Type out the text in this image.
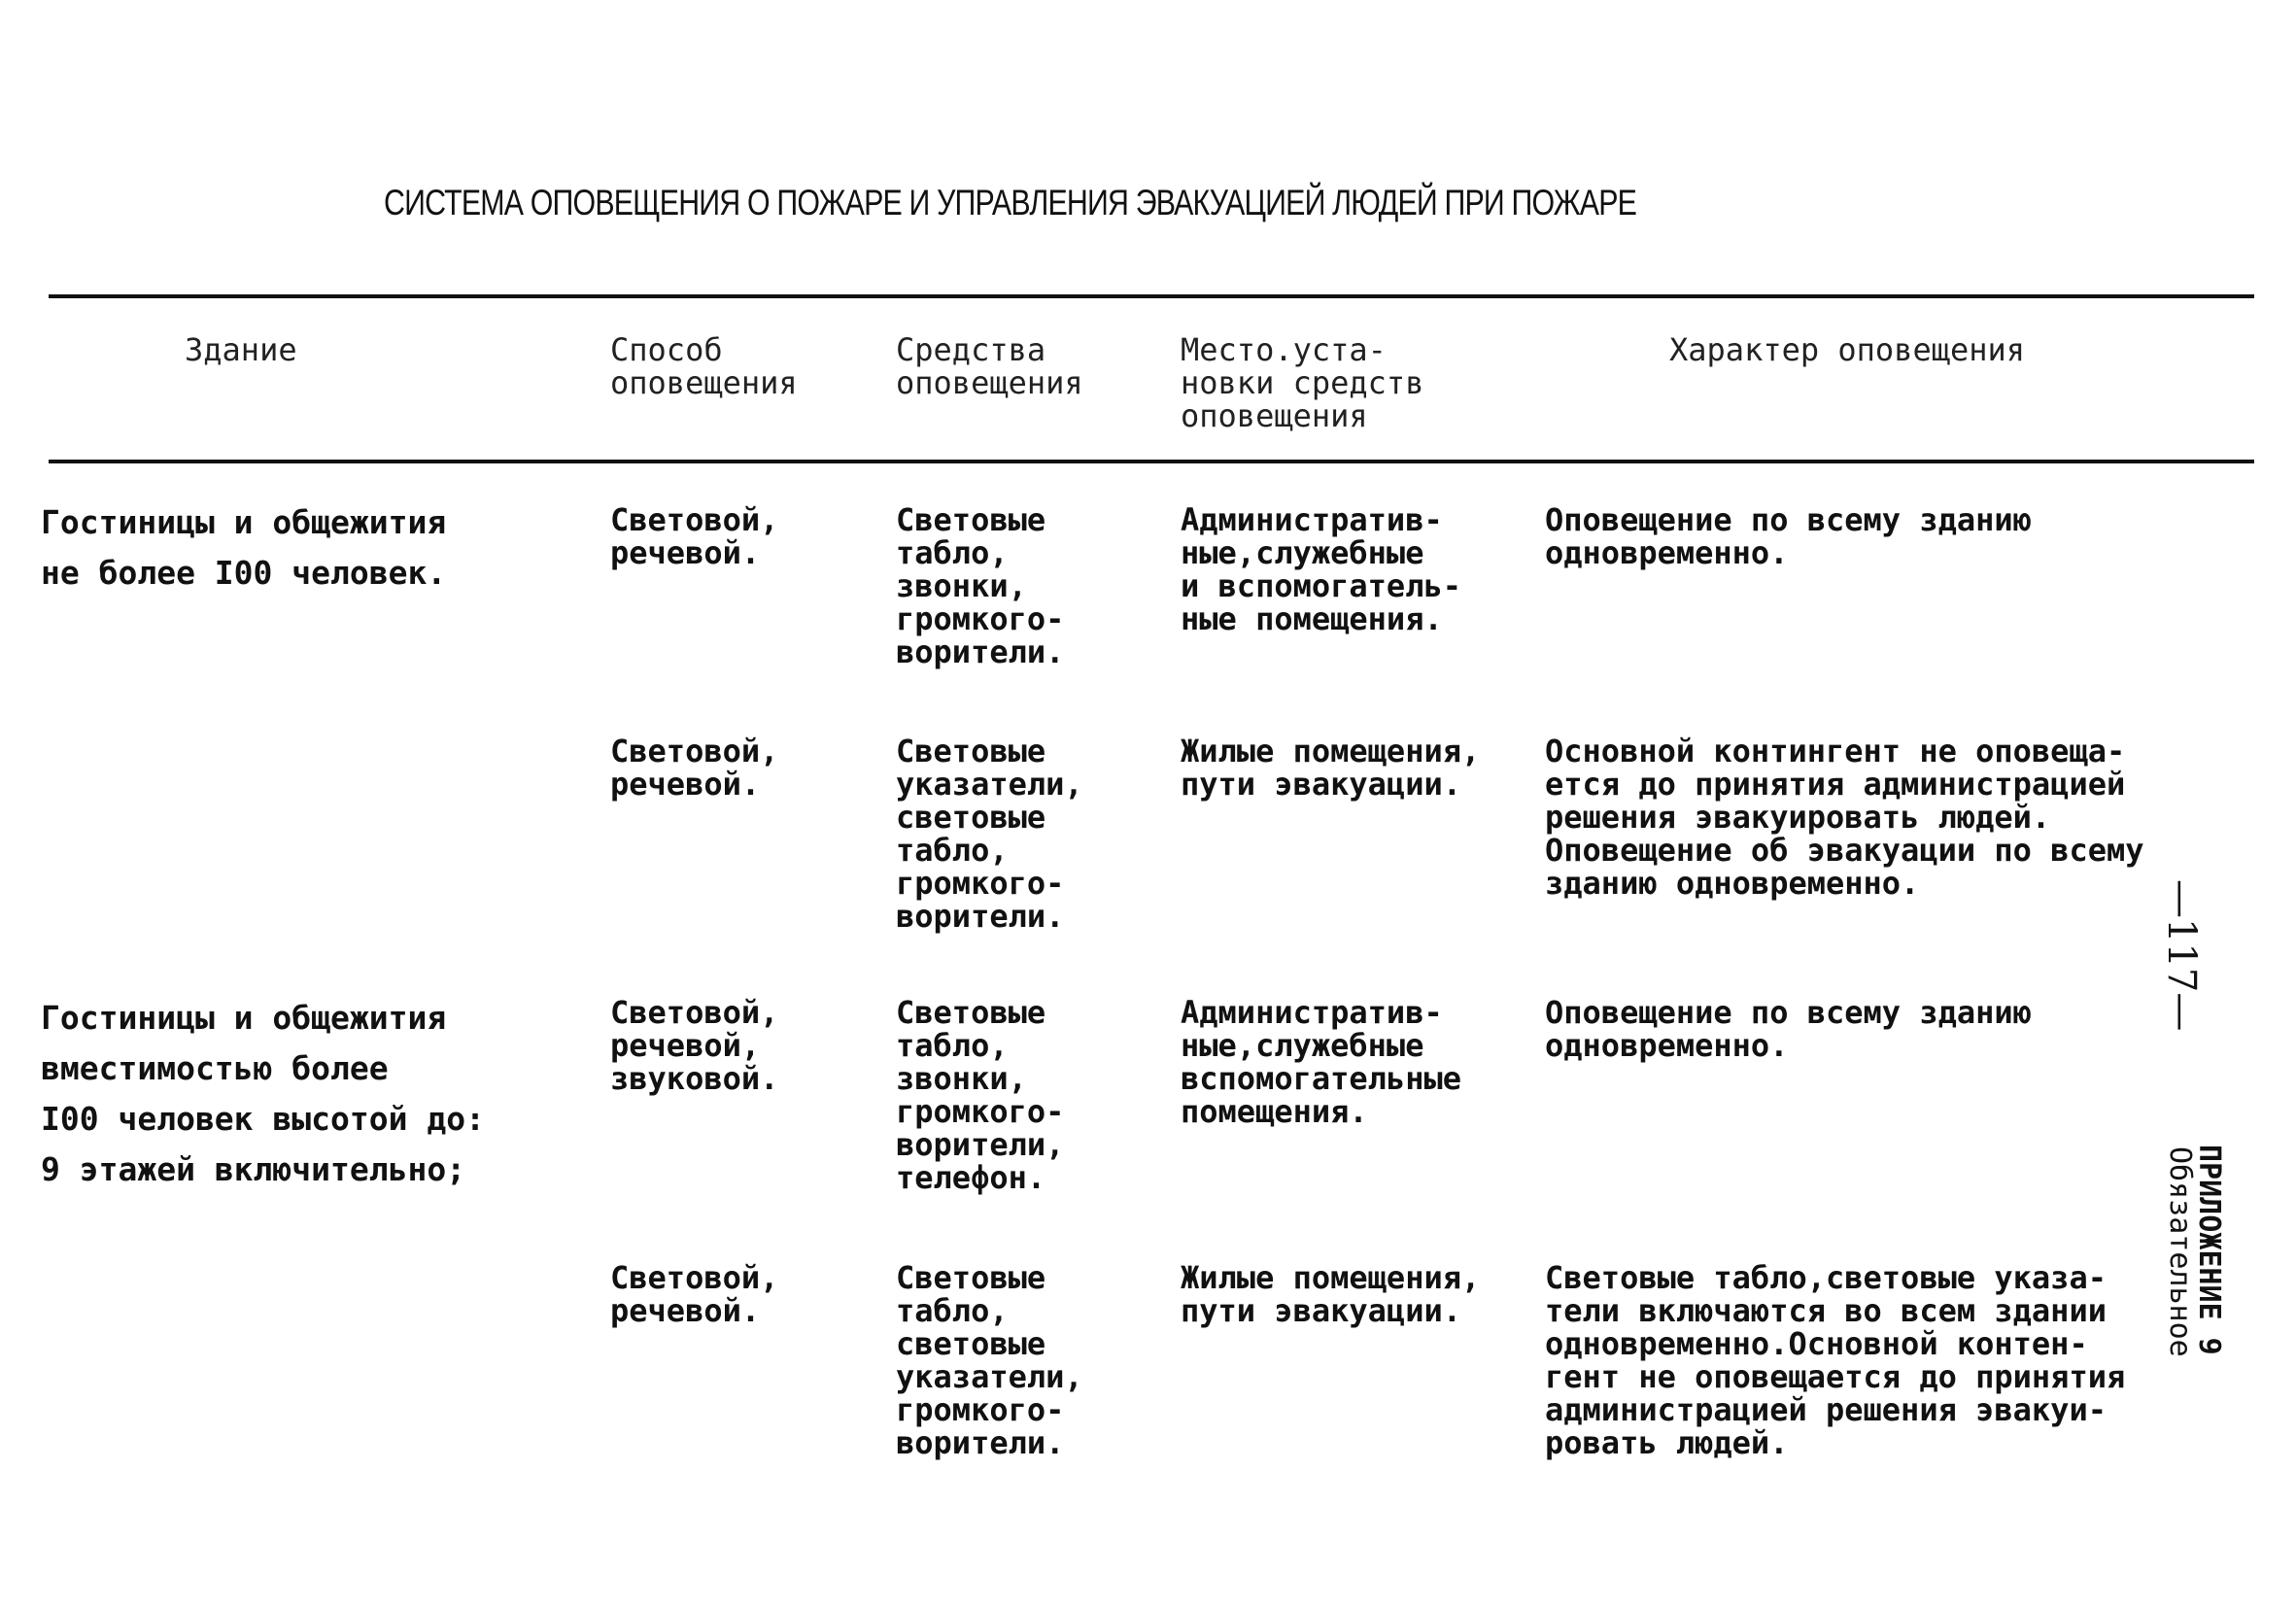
СИСТЕМА ОПОВЕЩЕНИЯ О ПОЖАРЕ И УПРАВЛЕНИЯ ЭВАКУАЦИЕЙ ЛЮДЕЙ ПРИ ПОЖАРЕ
Здание	Способ
оповещения
Средства
оповещения
Место.уста-
новки средств
оповещения
Характер оповещения
Гостиницы и общежития
не более I00 человек.
Световой,
речевой.
Световые
табло,
звонки,
громкого-
ворители.
Административ-
ные,служебные
и вспомогатель-
ные помещения.
Оповещение по всему зданию
одновременно.
Световой,
речевой.
Световые
указатели,
световые
табло,
громкого-
ворители.
Жилые помещения,
пути эвакуации.
Основной контингент не оповеща-
ется до принятия администрацией
решения эвакуировать людей.
Оповещение об эвакуации по всему
зданию одновременно.
Гостиницы и общежития
вместимостью более
I00 человек высотой до:
9 этажей включительно;
Световой,
речевой,
звуковой.
Световые
табло,
звонки,
громкого-
ворители,
телефон.
Административ-
ные,служебные
вспомогательные
помещения.
Оповещение по всему зданию
одновременно.
Световой,
речевой.
Световые
табло,
световые
указатели,
громкого-
ворители.
Жилые помещения,
пути эвакуации.
Световые табло,световые указа-
тели включаются во всем здании
одновременно.Основной контен-
гент не оповещается до принятия
администрацией решения эвакуи-
ровать людей.
ПРИЛОЖЕНИЕ 9
Обязательное
—117—
